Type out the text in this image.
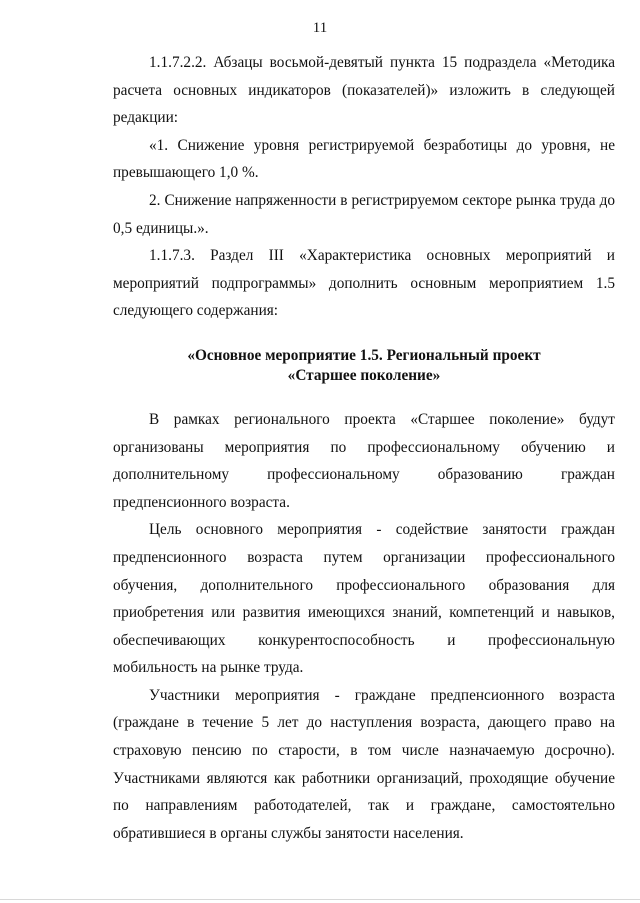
11

1.1.7.2.2. Абзацы восьмой-девятый пункта 15 подраздела «Методика расчета основных индикаторов (показателей)» изложить в следующей редакции:

«1. Снижение уровня регистрируемой безработицы до уровня, не превышающего 1,0 %.

2. Снижение напряженности в регистрируемом секторе рынка труда до 0,5 единицы.».

1.1.7.3. Раздел III «Характеристика основных мероприятий и мероприятий подпрограммы» дополнить основным мероприятием 1.5 следующего содержания:

«Основное мероприятие 1.5. Региональный проект
«Старшее поколение»

В рамках регионального проекта «Старшее поколение» будут организованы мероприятия по профессиональному обучению и дополнительному профессиональному образованию граждан предпенсионного возраста.

Цель основного мероприятия - содействие занятости граждан предпенсионного возраста путем организации профессионального обучения, дополнительного профессионального образования для приобретения или развития имеющихся знаний, компетенций и навыков, обеспечивающих конкурентоспособность и профессиональную мобильность на рынке труда.

Участники мероприятия - граждане предпенсионного возраста (граждане в течение 5 лет до наступления возраста, дающего право на страховую пенсию по старости, в том числе назначаемую досрочно). Участниками являются как работники организаций, проходящие обучение по направлениям работодателей, так и граждане, самостоятельно обратившиеся в органы службы занятости населения.
